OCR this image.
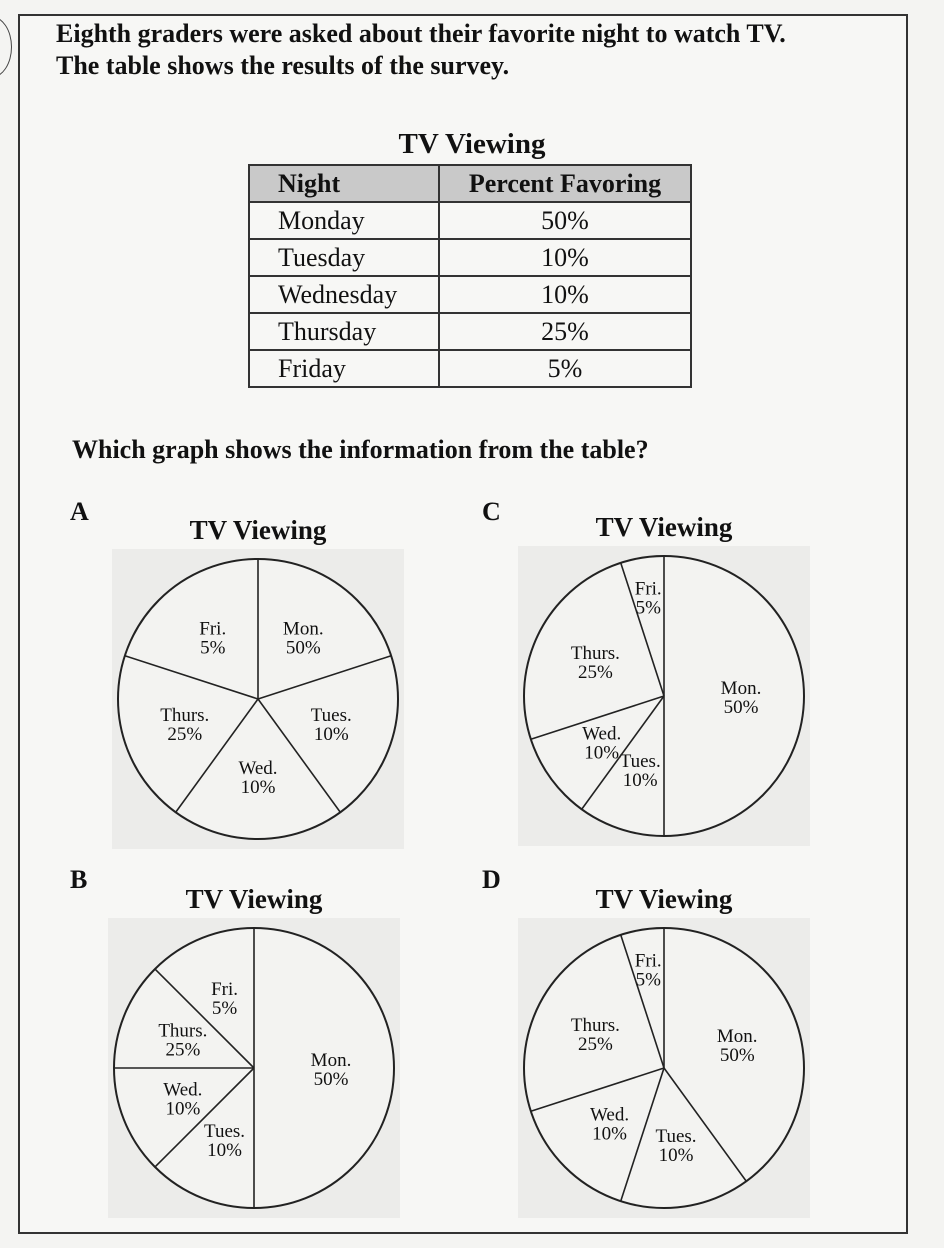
Eighth graders were asked about their favorite night to watch TV.
The table shows the results of the survey.
TV Viewing
Night	Percent Favoring
Monday	50%
Tuesday	10%
Wednesday	10%
Thursday	25%
Friday	5%
Which graph shows the information from the table?
A
TV Viewing
Mon.
50%
Tues.
10%
Wed.
10%
Thurs.
25%
Fri.
5%
C
TV Viewing
Mon.
50%
Tues.
10%
Wed.
10%
Thurs.
25%
Fri.
5%
B
TV Viewing
Mon.
50%
Tues.
10%
Wed.
10%
Thurs.
25%
Fri.
5%
D
TV Viewing
Mon.
50%
Tues.
10%
Wed.
10%
Thurs.
25%
Fri.
5%
